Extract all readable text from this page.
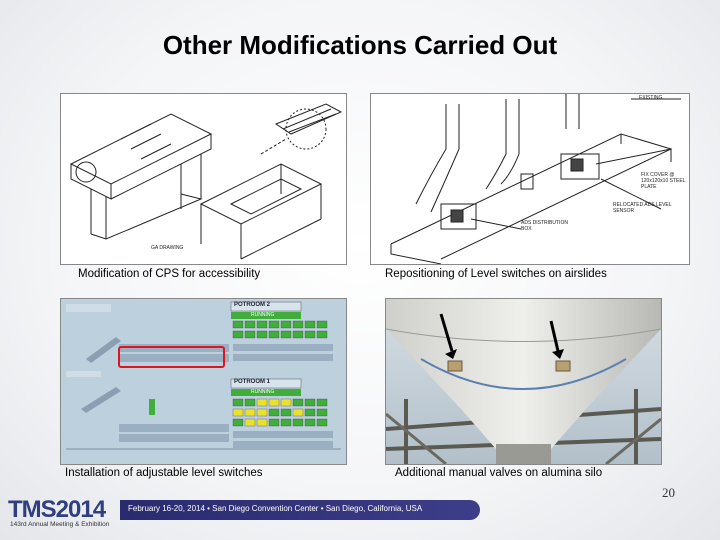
Other Modifications Carried Out
GA DRAWING
Modification of CPS for accessibility
EXISTING
FIX COVER @ 120x120x10 STEEL PLATE
RELOCATED ADS LEVEL SENSOR
ADS DISTRIBUTION BOX
Repositioning of Level switches on airslides
POTROOM 2
RUNNING
POTROOM 1
RUNNING
Installation of adjustable level switches	Additional manual valves on alumina silo
20
February 16-20, 2014 • San Diego Convention Center • San Diego, California, USA
TMS2014
143rd Annual Meeting & Exhibition
